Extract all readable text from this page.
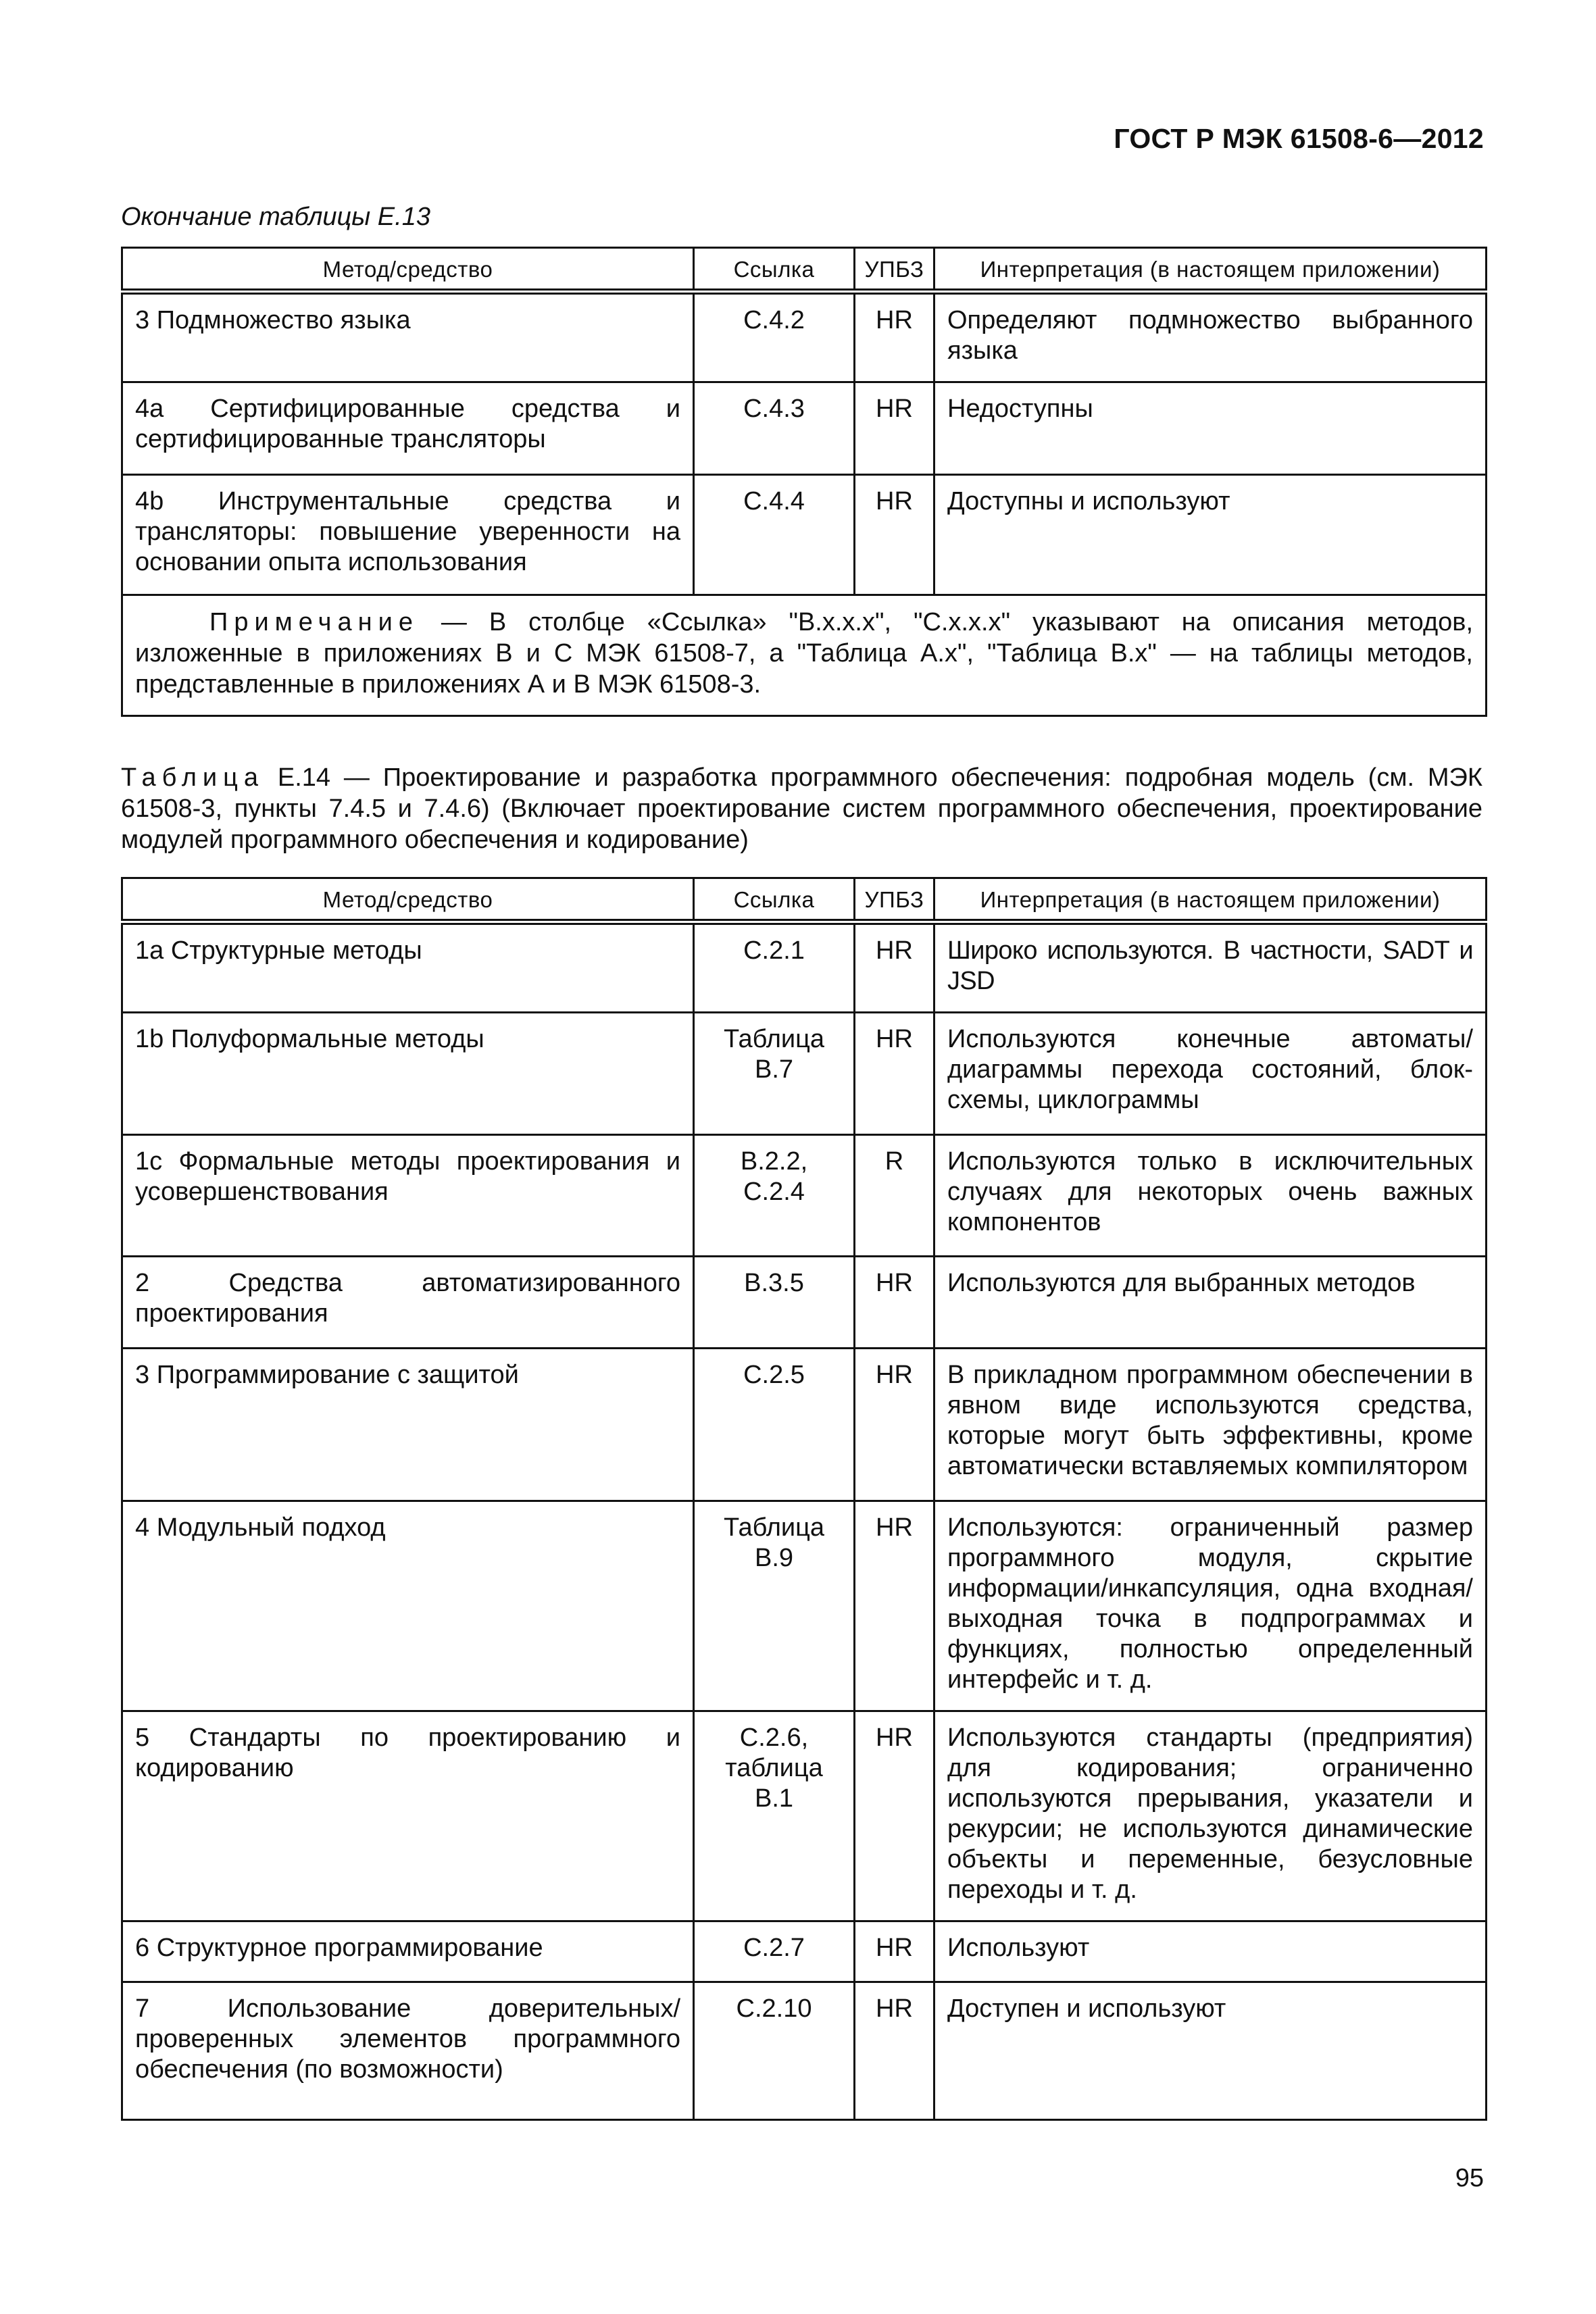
ГОСТ Р МЭК 61508-6—2012
Окончание таблицы Е.13
Метод/средство	Ссылка	УПБЗ	Интерпретация (в настоящем приложении)
3 Подмножество языка	С.4.2	HR	Определяют подмножество выбранного языка
4a Сертифицированные средства и сертифицированные трансляторы	С.4.3	HR	Недоступны
4b Инструментальные средства и трансляторы: повышение уверенности на основании опыта использования	С.4.4	HR	Доступны и используют
Примечание — В столбце «Ссылка» "В.х.х.х", "С.х.х.х" указывают на описания методов, изложенные в приложениях В и С МЭК 61508-7, а "Таблица А.х", "Таблица В.х" — на таблицы методов, представленные в приложениях А и В МЭК 61508-3.			
Таблица Е.14 — Проектирование и разработка программного обеспечения: подробная модель (см. МЭК 61508-3, пункты 7.4.5 и 7.4.6) (Включает проектирование систем программного обеспечения, проектирование модулей программного обеспечения и кодирование)
Метод/средство	Ссылка	УПБЗ	Интерпретация (в настоящем приложении)
1a Структурные методы	С.2.1	HR	Широко используются. В частности, SADT и JSD
1b Полуформальные методы	Таблица В.7	HR	Используются конечные автоматы/диаграммы перехода состояний, блок-схемы, циклограммы
1c Формальные методы проектирования и усовершенствования	В.2.2, С.2.4	R	Используются только в исключительных случаях для некоторых очень важных компонентов
2 Средства автоматизированного проектирования	В.3.5	HR	Используются для выбранных методов
3 Программирование с защитой	С.2.5	HR	В прикладном программном обеспечении в явном виде используются средства, которые могут быть эффективны, кроме автоматически вставляемых компилятором
4 Модульный подход	Таблица В.9	HR	Используются: ограниченный размер программного модуля, скрытие информации/инкапсуляция, одна входная/выходная точка в подпрограммах и функциях, полностью определенный интерфейс и т. д.
5 Стандарты по проектированию и кодированию	С.2.6, таблица В.1	HR	Используются стандарты (предприятия) для кодирования; ограниченно используются прерывания, указатели и рекурсии; не используются динамические объекты и переменные, безусловные переходы и т. д.
6 Структурное программирование	С.2.7	HR	Используют
7 Использование доверительных/проверенных элементов программного обеспечения (по возможности)	С.2.10	HR	Доступен и используют
95
